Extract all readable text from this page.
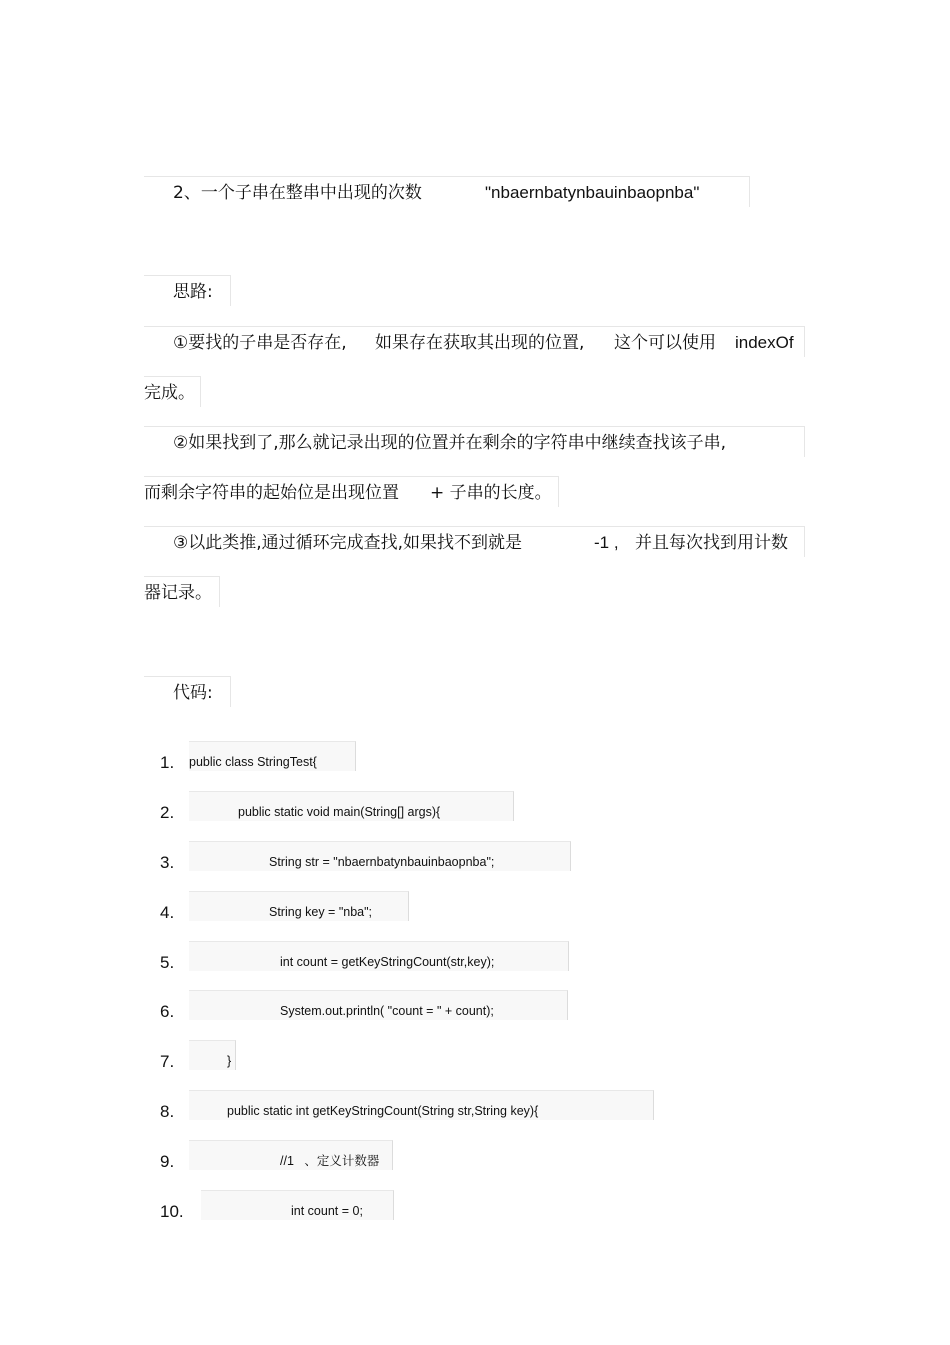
2、一个子串在整串中出现的次数	"nbaernbatynbauinbaopnba"
思路:
①要找的子串是否存在, 如果存在获取其出现的位置, 这个可以使用 indexOf
完成。
②如果找到了,那么就记录出现的位置并在剩余的字符串中继续查找该子串,
而剩余字符串的起始位是出现位置 + 子串的长度。
③以此类推,通过循环完成查找,如果找不到就是	-1 , 并且每次找到用计数
器记录。
代码:
1. public class StringTest{
2.	public static void main(String[] args){
3.	String str = "nbaernbatynbauinbaopnba";
4.	String key = "nba";
5.	int count = getKeyStringCount(str,key);
6.	System.out.println( "count = " + count);
7.	}
8.	public static int getKeyStringCount(String str,String key){
9.	//1   、定义计数器
10.	int count = 0;
